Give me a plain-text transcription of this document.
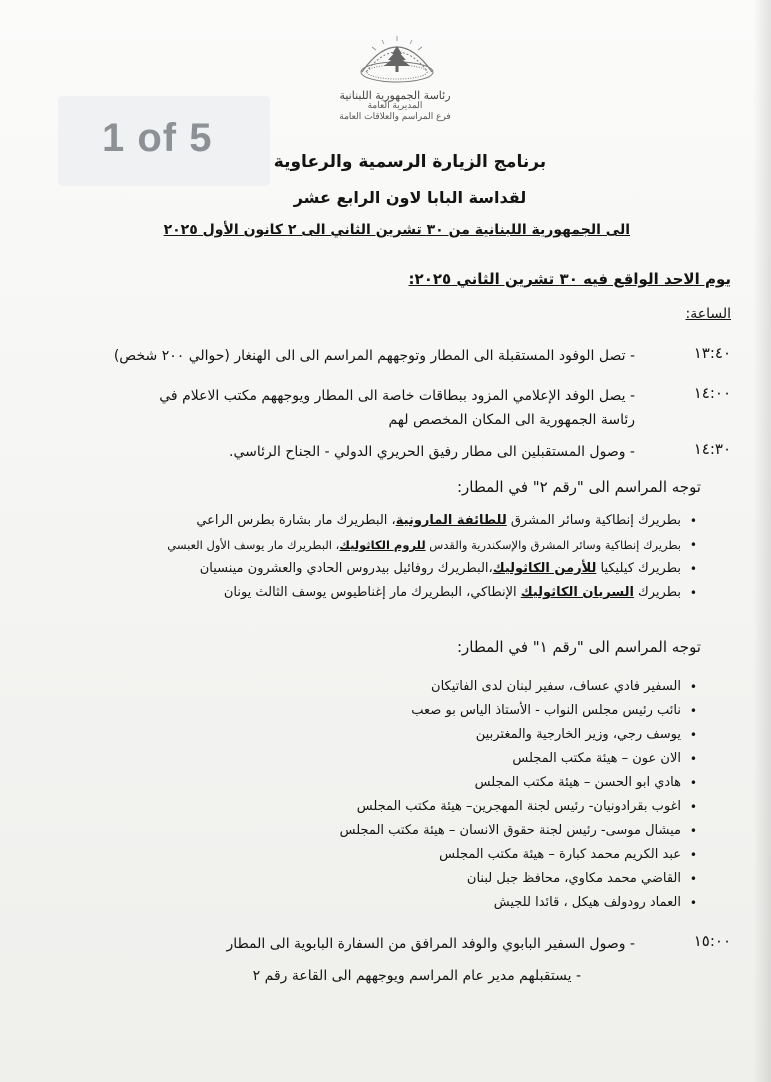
رئاسة الجمهورية اللبنانية
المديرية العامة
فرع المراسم والعلاقات العامة
1 of 5
برنامج الزيارة الرسمية والرعاوية
لقداسة البابا لاون الرابع عشر
الى الجمهورية اللبنانية من ٣٠ تشرين الثاني الى ٢ كانون الأول ٢٠٢٥
يوم الاحد الواقع فيه ٣٠ تشرين الثاني ٢٠٢٥:
الساعة:
١٣:٤٠
- تصل الوفود المستقبلة الى المطار وتوجههم المراسم الى الى الهنغار (حوالي ٢٠٠ شخص)
١٤:٠٠
- يصل الوفد الإعلامي المزود ببطاقات خاصة الى المطار ويوجههم مكتب الاعلام في
رئاسة الجمهورية الى المكان المخصص لهم
١٤:٣٠
- وصول المستقبلين الى مطار رفيق الحريري الدولي - الجناح الرئاسي.
توجه المراسم الى "رقم ٢" في المطار:
• بطريرك إنطاكية وسائر المشرق للطائفة المارونية، البطريرك مار بشارة بطرس الراعي
• بطريرك إنطاكية وسائر المشرق والإسكندرية والقدس للروم الكاثوليك، البطريرك مار يوسف الأول العبسي
• بطريرك كيليكيا للأرمن الكاثوليك،البطريرك روفائيل بيدروس الحادي والعشرون مينسيان
• بطريرك السريان الكاثوليك الإنطاكي، البطريرك مار إغناطيوس يوسف الثالث يونان
توجه المراسم الى "رقم ١" في المطار:
• السفير فادي عساف، سفير لبنان لدى الفاتيكان
• نائب رئيس مجلس النواب - الأستاذ الياس بو صعب
• يوسف رجي، وزير الخارجية والمغتربين
• الان عون – هيئة مكتب المجلس
• هادي ابو الحسن – هيئة مكتب المجلس
• اغوب بقرادونيان- رئيس لجنة المهجرين– هيئة مكتب المجلس
• ميشال موسى- رئيس لجنة حقوق الانسان – هيئة مكتب المجلس
• عبد الكريم محمد كبارة – هيئة مكتب المجلس
• القاضي محمد مكاوي، محافظ جبل لبنان
• العماد رودولف هيكل ، قائدا للجيش
١٥:٠٠
- وصول السفير البابوي والوفد المرافق من السفارة البابوية الى المطار
- يستقبلهم مدير عام المراسم ويوجههم الى القاعة رقم ٢
